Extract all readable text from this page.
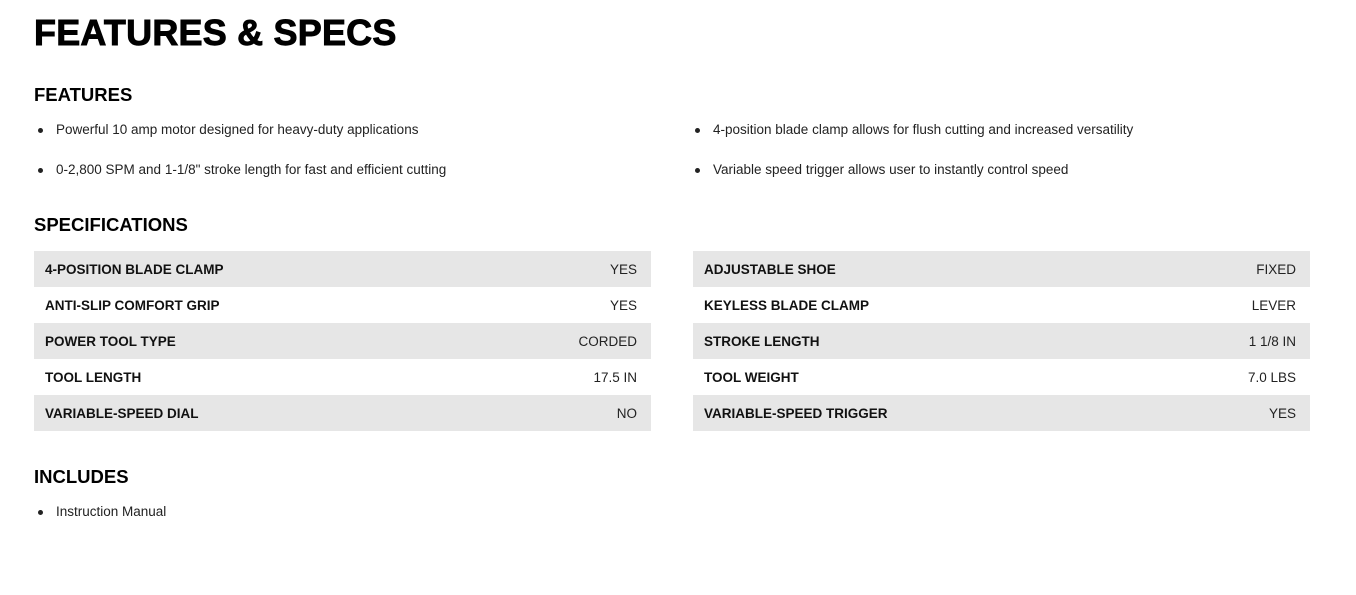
FEATURES & SPECS
FEATURES
Powerful 10 amp motor designed for heavy-duty applications
0-2,800 SPM and 1-1/8" stroke length for fast and efficient cutting
4-position blade clamp allows for flush cutting and increased versatility
Variable speed trigger allows user to instantly control speed
SPECIFICATIONS
4-POSITION BLADE CLAMP	YES
ANTI-SLIP COMFORT GRIP	YES
POWER TOOL TYPE	CORDED
TOOL LENGTH	17.5 IN
VARIABLE-SPEED DIAL	NO
ADJUSTABLE SHOE	FIXED
KEYLESS BLADE CLAMP	LEVER
STROKE LENGTH	1 1/8 IN
TOOL WEIGHT	7.0 LBS
VARIABLE-SPEED TRIGGER	YES
INCLUDES
Instruction Manual
